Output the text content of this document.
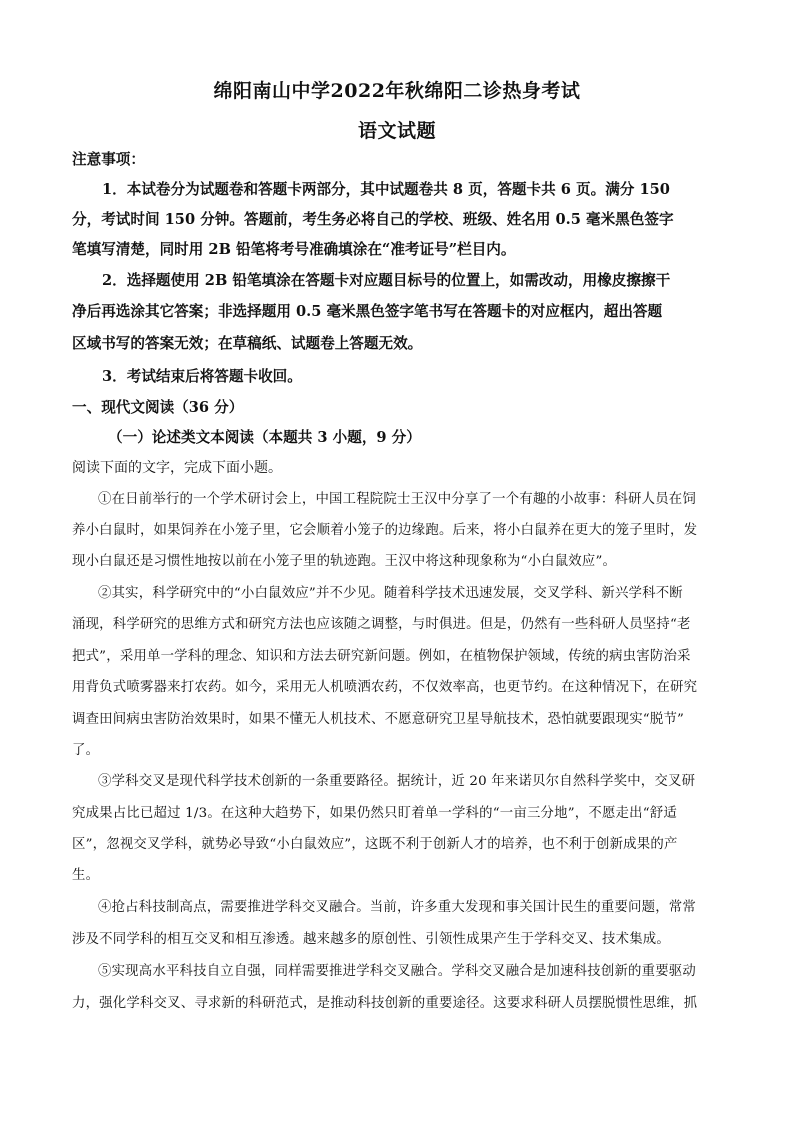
绵阳南山中学2022年秋绵阳二诊热身考试
语文试题
注意事项：
1．本试卷分为试题卷和答题卡两部分，其中试题卷共 8 页，答题卡共 6 页。满分 150
分，考试时间 150 分钟。答题前，考生务必将自己的学校、班级、姓名用 0.5 毫米黑色签字
笔填写清楚，同时用 2B 铅笔将考号准确填涂在“准考证号”栏目内。
2．选择题使用 2B 铅笔填涂在答题卡对应题目标号的位置上，如需改动，用橡皮擦擦干
净后再选涂其它答案；非选择题用 0.5 毫米黑色签字笔书写在答题卡的对应框内，超出答题
区域书写的答案无效；在草稿纸、试题卷上答题无效。
3．考试结束后将答题卡收回。
一、现代文阅读（36 分）
（一）论述类文本阅读（本题共 3 小题，9 分）
阅读下面的文字，完成下面小题。
①在日前举行的一个学术研讨会上，中国工程院院士王汉中分享了一个有趣的小故事：科研人员在饲
养小白鼠时，如果饲养在小笼子里，它会顺着小笼子的边缘跑。后来，将小白鼠养在更大的笼子里时，发
现小白鼠还是习惯性地按以前在小笼子里的轨迹跑。王汉中将这种现象称为“小白鼠效应”。
②其实，科学研究中的“小白鼠效应”并不少见。随着科学技术迅速发展，交叉学科、新兴学科不断
涌现，科学研究的思维方式和研究方法也应该随之调整，与时俱进。但是，仍然有一些科研人员坚持“老
把式”，采用单一学科的理念、知识和方法去研究新问题。例如，在植物保护领域，传统的病虫害防治采
用背负式喷雾器来打农药。如今，采用无人机喷洒农药，不仅效率高，也更节约。在这种情况下，在研究
调查田间病虫害防治效果时，如果不懂无人机技术、不愿意研究卫星导航技术，恐怕就要跟现实“脱节”
了。
③学科交叉是现代科学技术创新的一条重要路径。据统计，近 20 年来诺贝尔自然科学奖中，交叉研
究成果占比已超过 1/3。在这种大趋势下，如果仍然只盯着单一学科的“一亩三分地”，不愿走出“舒适
区”，忽视交叉学科，就势必导致“小白鼠效应”，这既不利于创新人才的培养，也不利于创新成果的产
生。
④抢占科技制高点，需要推进学科交叉融合。当前，许多重大发现和事关国计民生的重要问题，常常
涉及不同学科的相互交叉和相互渗透。越来越多的原创性、引领性成果产生于学科交叉、技术集成。
⑤实现高水平科技自立自强，同样需要推进学科交叉融合。学科交叉融合是加速科技创新的重要驱动
力，强化学科交叉、寻求新的科研范式，是推动科技创新的重要途径。这要求科研人员摆脱惯性思维，抓
